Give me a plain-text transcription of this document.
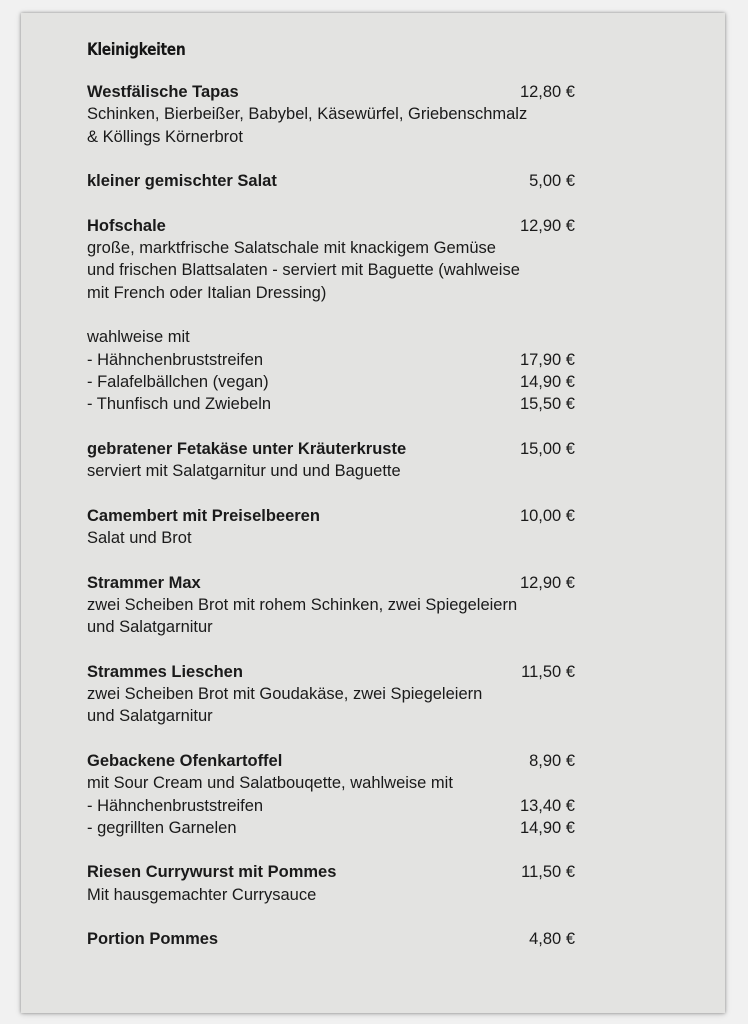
Kleinigkeiten
Westfälische Tapas	12,80 €
Schinken, Bierbeißer, Babybel, Käsewürfel, Griebenschmalz
& Köllings Körnerbrot
kleiner gemischter Salat	5,00 €
Hofschale	12,90 €
große, marktfrische Salatschale mit knackigem Gemüse
und frischen Blattsalaten - serviert mit Baguette (wahlweise
mit French oder Italian Dressing)
wahlweise mit
- Hähnchenbruststreifen	17,90 €
- Falafelbällchen (vegan)	14,90 €
- Thunfisch und Zwiebeln	15,50 €
gebratener Fetakäse unter Kräuterkruste	15,00 €
serviert mit Salatgarnitur und und Baguette
Camembert mit Preiselbeeren	10,00 €
Salat und Brot
Strammer Max	12,90 €
zwei Scheiben Brot mit rohem Schinken, zwei Spiegeleiern
und Salatgarnitur
Strammes Lieschen	11,50 €
zwei Scheiben Brot mit Goudakäse, zwei Spiegeleiern
und Salatgarnitur
Gebackene Ofenkartoffel	8,90 €
mit Sour Cream und Salatbouqette, wahlweise mit
- Hähnchenbruststreifen	13,40 €
- gegrillten Garnelen	14,90 €
Riesen Currywurst mit Pommes	11,50 €
Mit hausgemachter Currysauce
Portion Pommes	4,80 €
